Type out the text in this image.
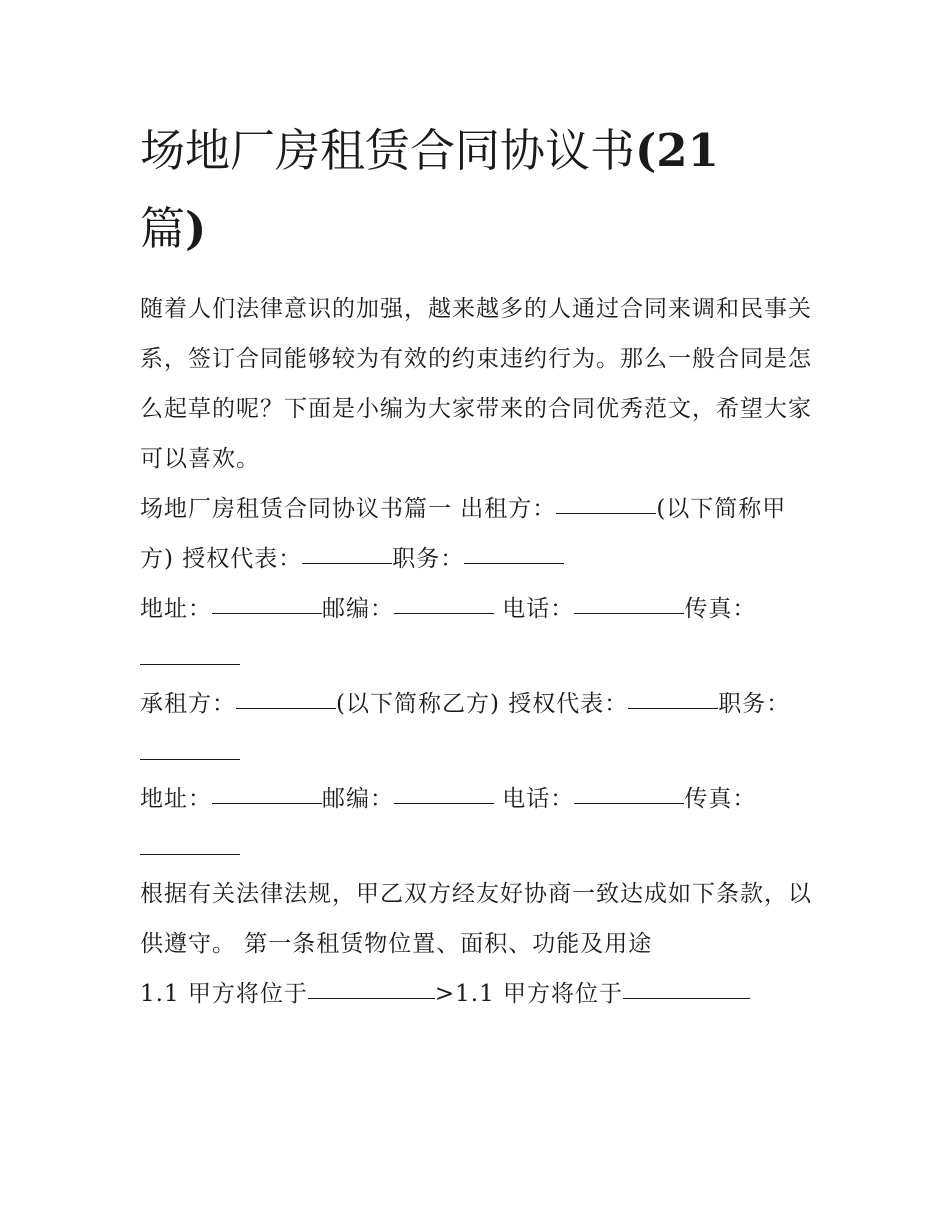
场地厂房租赁合同协议书(21
篇)

随着人们法律意识的加强，越来越多的人通过合同来调和民事关系，签订合同能够较为有效的约束违约行为。那么一般合同是怎么起草的呢？下面是小编为大家带来的合同优秀范文，希望大家可以喜欢。

场地厂房租赁合同协议书篇一 出租方：	(以下简称甲方) 授权代表：	职务：

地址：	邮编：	电话：	传真：

承租方：	(以下简称乙方) 授权代表：	职务：

地址：	邮编：	电话：	传真：

根据有关法律法规，甲乙双方经友好协商一致达成如下条款，以供遵守。 第一条租赁物位置、面积、功能及用途

1.1 甲方将位于	>1.1 甲方将位于
